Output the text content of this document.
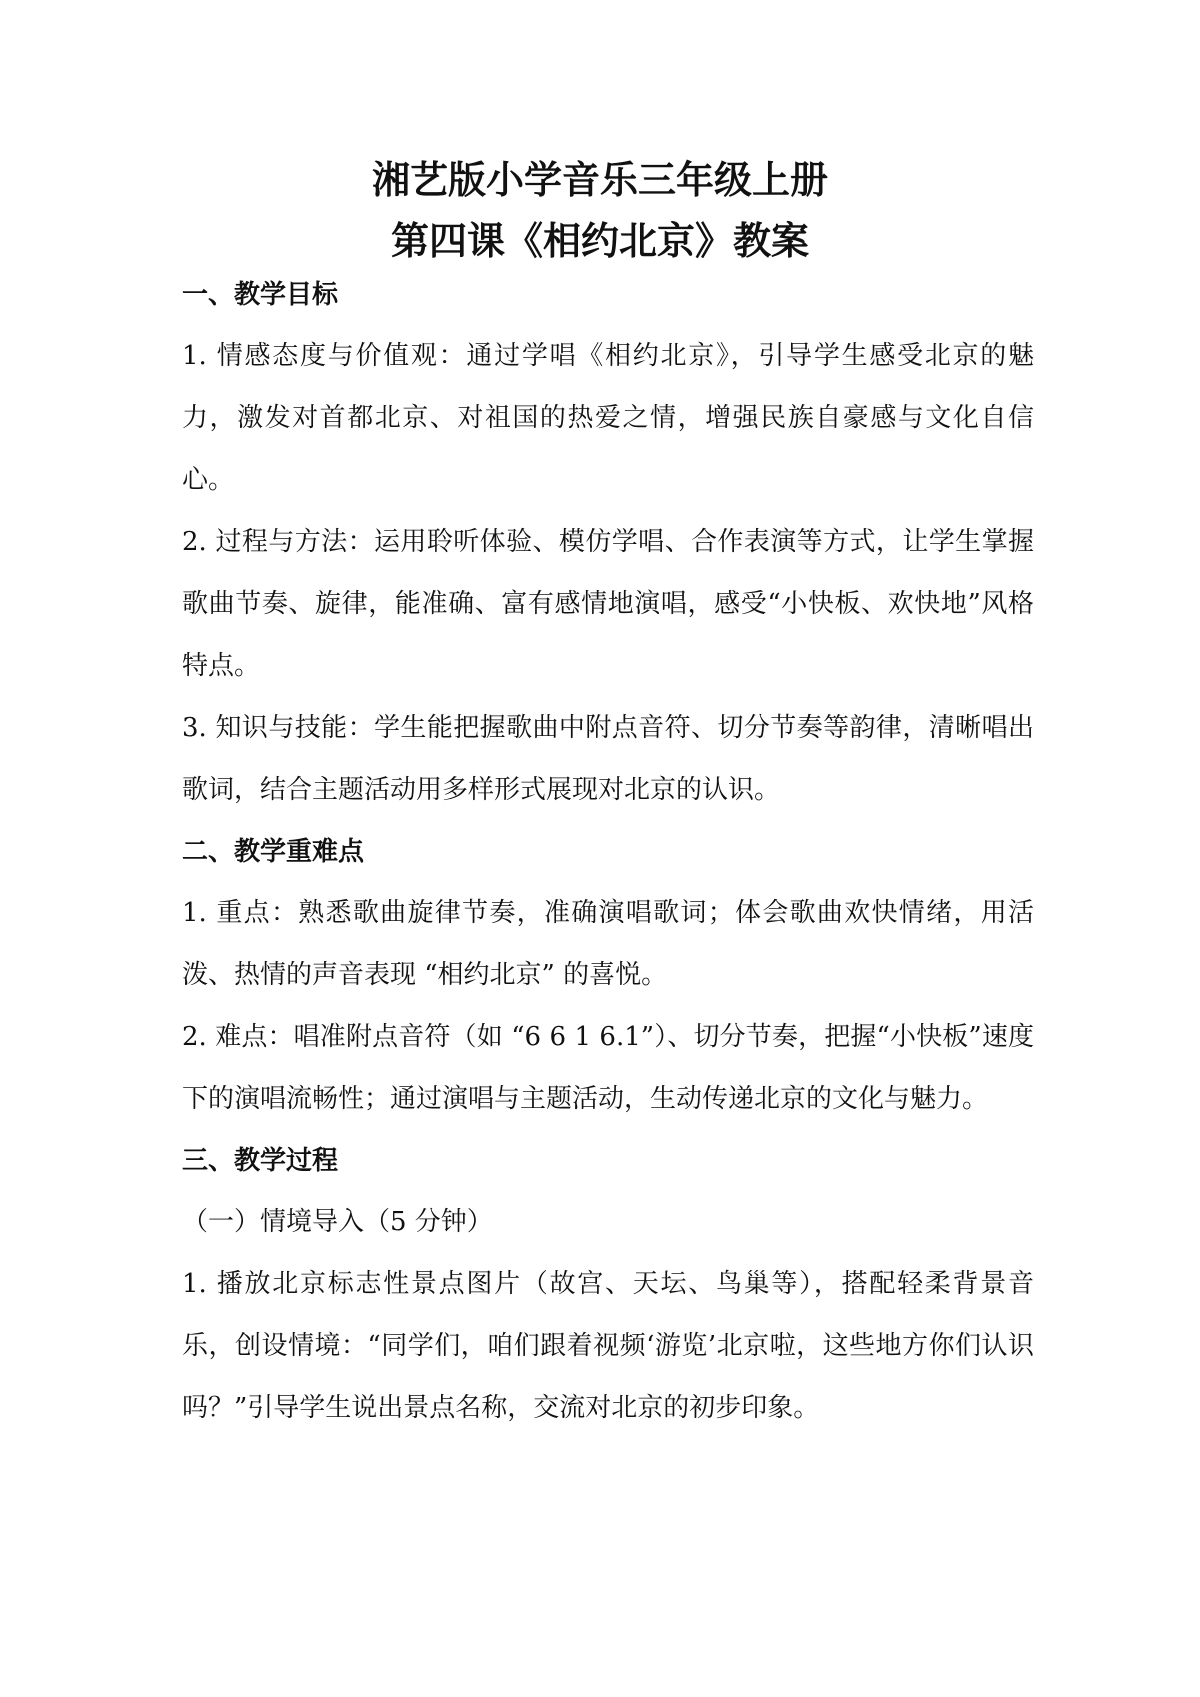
湘艺版小学音乐三年级上册
第四课《相约北京》教案
一、教学目标

1. 情感态度与价值观：通过学唱《相约北京》，引导学生感受北京的魅力，激发对首都北京、对祖国的热爱之情，增强民族自豪感与文化自信心。

2. 过程与方法：运用聆听体验、模仿学唱、合作表演等方式，让学生掌握歌曲节奏、旋律，能准确、富有感情地演唱，感受“小快板、欢快地”风格特点。

3. 知识与技能：学生能把握歌曲中附点音符、切分节奏等韵律，清晰唱出歌词，结合主题活动用多样形式展现对北京的认识。

二、教学重难点

1. 重点：熟悉歌曲旋律节奏，准确演唱歌词；体会歌曲欢快情绪，用活泼、热情的声音表现 “相约北京” 的喜悦。

2. 难点：唱准附点音符（如 “6 6 1 6.1”）、切分节奏，把握“小快板”速度下的演唱流畅性；通过演唱与主题活动，生动传递北京的文化与魅力。

三、教学过程

（一）情境导入（5 分钟）

1. 播放北京标志性景点图片（故宫、天坛、鸟巢等），搭配轻柔背景音乐，创设情境：“同学们，咱们跟着视频‘游览’北京啦，这些地方你们认识吗？”引导学生说出景点名称，交流对北京的初步印象。
